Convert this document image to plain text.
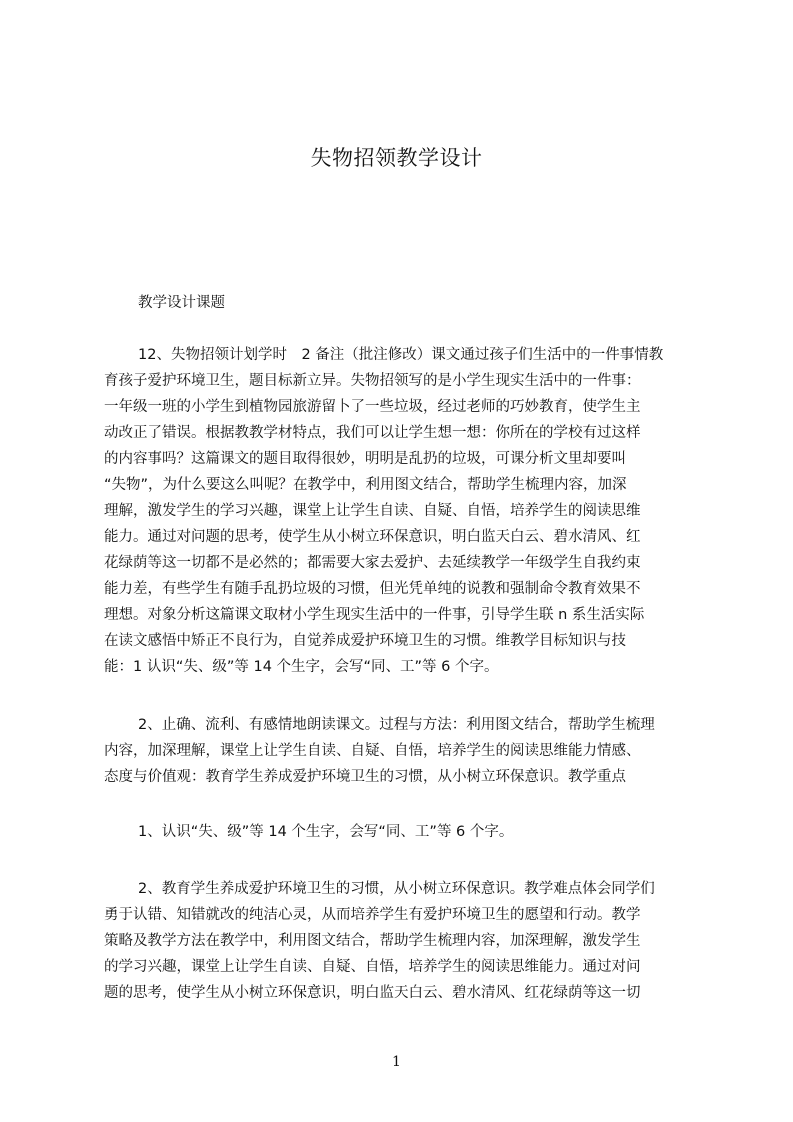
失物招领教学设计
教学设计课题
12、失物招领计划学时　2 备注（批注修改）课文通过孩子们生活中的一件事情教
育孩子爱护环境卫生，题目标新立异。失物招领写的是小学生现实生活中的一件事：
一年级一班的小学生到植物园旅游留卜了一些垃圾，经过老师的巧妙教育，使学生主
动改正了错误。根据教教学材特点，我们可以让学生想一想：你所在的学校有过这样
的内容事吗？这篇课文的题目取得很妙，明明是乱扔的垃圾，可课分析文里却要叫
“失物”，为什么要这么叫呢？在教学中，利用图文结合，帮助学生梳理内容，加深
理解，激发学生的学习兴趣，课堂上让学生自读、自疑、自悟，培养学生的阅读思维
能力。通过对问题的思考，使学生从小树立环保意识，明白监天白云、碧水清风、红
花绿荫等这一切都不是必然的；都需要大家去爱护、去延续教学一年级学生自我约束
能力差，有些学生有随手乱扔垃圾的习惯，但光凭单纯的说教和强制命令教育效果不
理想。对象分析这篇课文取材小学生现实生活中的一件事，引导学生联 n 系生活实际
在读文感悟中矫正不良行为，自觉养成爱护环境卫生的习惯。维教学目标知识与技
能：1 认识“失、级”等 14 个生字，会写“同、工”等 6 个字。
2、止确、流利、有感情地朗读课文。过程与方法：利用图文结合，帮助学生梳理
内容，加深理解，课堂上让学生自读、自疑、自悟，培养学生的阅读思维能力情感、
态度与价值观：教育学生养成爱护环境卫生的习惯，从小树立环保意识。教学重点
1、认识“失、级”等 14 个生字，会写“同、工”等 6 个字。
2、教育学生养成爱护环境卫生的习惯，从小树立环保意识。教学难点体会同学们
勇于认错、知错就改的纯洁心灵，从而培养学生有爱护环境卫生的愿望和行动。教学
策略及教学方法在教学中，利用图文结合，帮助学生梳理内容，加深理解，激发学生
的学习兴趣，课堂上让学生自读、自疑、自悟，培养学生的阅读思维能力。通过对问
题的思考，使学生从小树立环保意识，明白监天白云、碧水清风、红花绿荫等这一切
1
